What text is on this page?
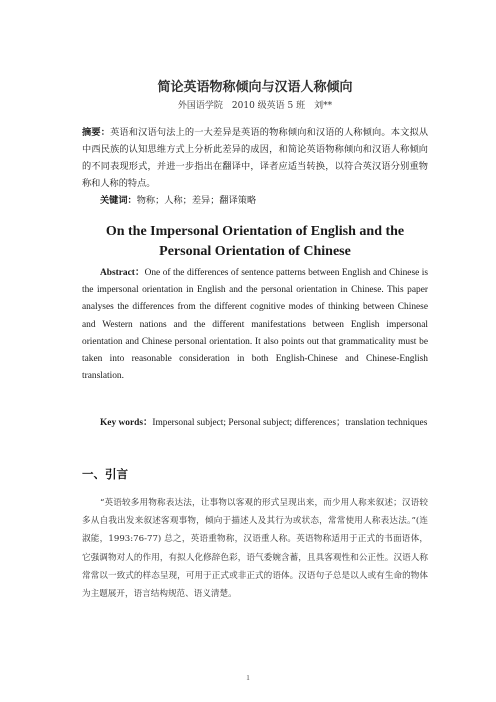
简论英语物称倾向与汉语人称倾向
外国语学院　2010 级英语 5 班　刘**
摘要：英语和汉语句法上的一大差异是英语的物称倾向和汉语的人称倾向。本文拟从中西民族的认知思维方式上分析此差异的成因，和简论英语物称倾向和汉语人称倾向的不同表现形式，并进一步指出在翻译中，译者应适当转换，以符合英汉语分别重物称和人称的特点。
关键词：物称；人称；差异；翻译策略
On the Impersonal Orientation of English and the Personal Orientation of Chinese
Abstract：One of the differences of sentence patterns between English and Chinese is the impersonal orientation in English and the personal orientation in Chinese. This paper analyses the differences from the different cognitive modes of thinking between Chinese and Western nations and the different manifestations between English impersonal orientation and Chinese personal orientation. It also points out that grammaticality must be taken into reasonable consideration in both English-Chinese and Chinese-English translation.
Key words：Impersonal subject; Personal subject; differences；translation techniques
一、引言
“英语较多用物称表达法，让事物以客观的形式呈现出来，而少用人称来叙述；汉语较多从自我出发来叙述客观事物，倾向于描述人及其行为或状态，常常使用人称表达法。”(连淑能，1993:76-77) 总之，英语重物称，汉语重人称。英语物称适用于正式的书面语体，它强调物对人的作用，有拟人化修辞色彩，语气委婉含蓄，且具客观性和公正性。汉语人称常常以一致式的样态呈现，可用于正式或非正式的语体。汉语句子总是以人或有生命的物体为主题展开，语言结构规范、语义清楚。
1
